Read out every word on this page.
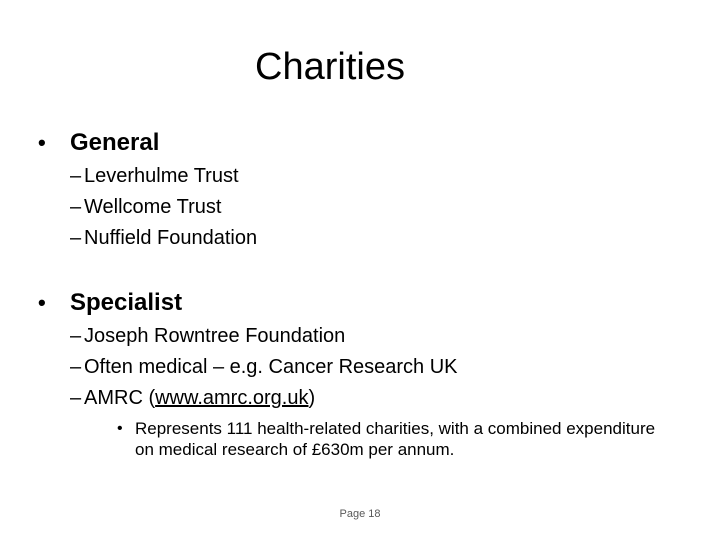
Charities
• General
– Leverhulme Trust
– Wellcome Trust
– Nuffield Foundation
• Specialist
– Joseph Rowntree Foundation
– Often medical – e.g. Cancer Research UK
– AMRC (www.amrc.org.uk)
• Represents 111 health-related charities, with a combined expenditure on medical research of £630m per annum.
Page 18
